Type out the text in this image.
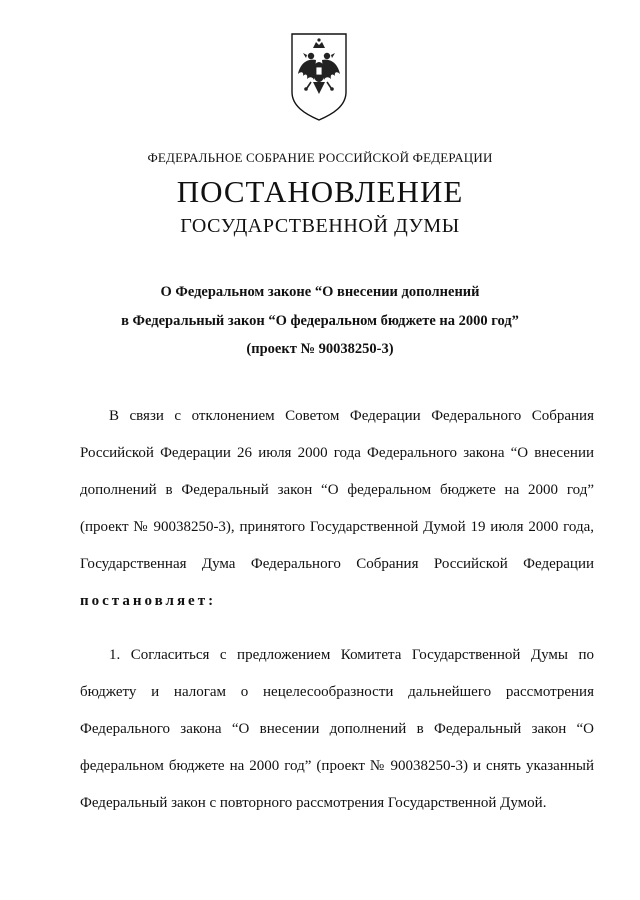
ФЕДЕРАЛЬНОЕ СОБРАНИЕ РОССИЙСКОЙ ФЕДЕРАЦИИ
ПОСТАНОВЛЕНИЕ
ГОСУДАРСТВЕННОЙ ДУМЫ
О Федеральном законе “О внесении дополнений
в Федеральный закон “О федеральном бюджете на 2000 год”
(проект № 90038250-3)
В связи с отклонением Советом Федерации Федерального Собрания Российской Федерации 26 июля 2000 года Федерального закона “О внесении дополнений в Федеральный закон “О федеральном бюджете на 2000 год” (проект № 90038250-3), принятого Государственной Думой 19 июля 2000 года, Государственная Дума Федерального Собрания Российской Федерации постановляет:
1. Согласиться с предложением Комитета Государственной Думы по бюджету и налогам о нецелесообразности дальнейшего рассмотрения Федерального закона “О внесении дополнений в Федеральный закон “О федеральном бюджете на 2000 год” (проект № 90038250-3) и снять указанный Федеральный закон с повторного рассмотрения Государственной Думой.
